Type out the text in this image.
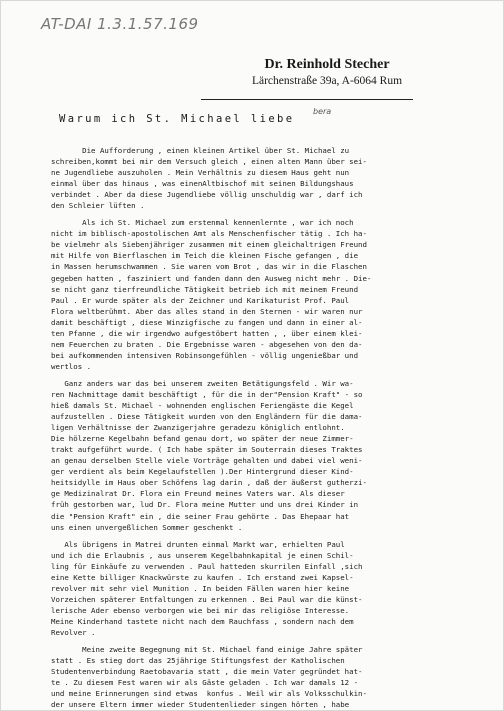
AT-DAI 1.3.1.57.169
Dr. Reinhold Stecher
Lärchenstraße 39a, A-6064 Rum
bera
Warum ich St. Michael liebe
Die Aufforderung , einen kleinen Artikel über St. Michael zu
schreiben,kommt bei mir dem Versuch gleich , einen alten Mann über sei-
ne Jugendliebe auszuholen . Mein Verhältnis zu diesem Haus geht nun
einmal über das hinaus , was einenAltbischof mit seinen Bildungshaus
verbindet . Aber da diese Jugendliebe völlig unschuldig war , darf ich
den Schleier lüften .
Als ich St. Michael zum erstenmal kennenlernte , war ich noch
nicht im biblisch-apostolischen Amt als Menschenfischer tätig . Ich ha-
be vielmehr als Siebenjähriger zusammen mit einem gleichaltrigen Freund
mit Hilfe von Bierflaschen im Teich die kleinen Fische gefangen , die
in Massen herumschwammen . Sie waren vom Brot , das wir in die Flaschen
gegeben hatten , fasziniert und fanden dann den Ausweg nicht mehr . Die-
se nicht ganz tierfreundliche Tätigkeit betrieb ich mit meinem Freund
Paul . Er wurde später als der Zeichner und Karikaturist Prof. Paul
Flora weltberühmt. Aber das alles stand in den Sternen - wir waren nur
damit beschäftigt , diese Winzigfische zu fangen und dann in einer al-
ten Pfanne , die wir irgendwo aufgestöbert hatten , , über einem klei-
nem Feuerchen zu braten . Die Ergebnisse waren - abgesehen von den da-
bei aufkommenden intensiven Robinsongefühlen - völlig ungenießbar und
wertlos .
Ganz anders war das bei unserem zweiten Betätigungsfeld . Wir wa-
ren Nachmittage damit beschäftigt , für die in der"Pension Kraft" - so
hieß damals St. Michael - wohnenden englischen Feriengäste die Kegel
aufzustellen . Diese Tätigkeit wurden von den Engländern für die dama-
ligen Verhältnisse der Zwanzigerjahre geradezu königlich entlohnt.
Die hölzerne Kegelbahn befand genau dort, wo später der neue Zimmer-
trakt aufgeführt wurde. ( Ich habe später im Souterrain dieses Traktes
an genau derselben Stelle viele Vorträge gehalten und dabei viel weni-
ger verdient als beim Kegelaufstellen ).Der Hintergrund dieser Kind-
heitsidylle im Haus ober Schöfens lag darin , daß der äußerst gutherzi-
ge Medizinalrat Dr. Flora ein Freund meines Vaters war. Als dieser
früh gestorben war, lud Dr. Flora meine Mutter und uns drei Kinder in
die "Pension Kraft" ein , die seiner Frau gehörte . Das Ehepaar hat
uns einen unvergeßlichen Sommer geschenkt .
Als übrigens in Matrei drunten einmal Markt war, erhielten Paul
und ich die Erlaubnis , aus unserem Kegelbahnkapital je einen Schil-
ling für Einkäufe zu verwenden . Paul hatteden skurrilen Einfall ,sich
eine Kette billiger Knackwürste zu kaufen . Ich erstand zwei Kapsel-
revolver mit sehr viel Munition . In beiden Fällen waren hier keine
Vorzeichen späterer Entfaltungen zu erkennen . Bei Paul war die künst-
lerische Ader ebenso verborgen wie bei mir das religiöse Interesse.
Meine Kinderhand tastete nicht nach dem Rauchfass , sondern nach dem
Revolver .
Meine zweite Begegnung mit St. Michael fand einige Jahre später
statt . Es stieg dort das 25jährige Stiftungsfest der Katholischen
Studentenverbindung Raetobavaria statt , die mein Vater gegründet hat-
te . Zu diesem Fest waren wir als Gäste geladen . Ich war damals 12 -
und meine Erinnerungen sind etwas  konfus . Weil wir als Volksschulkin-
der unsere Eltern immer wieder Studentenlieder singen hörten , habe
